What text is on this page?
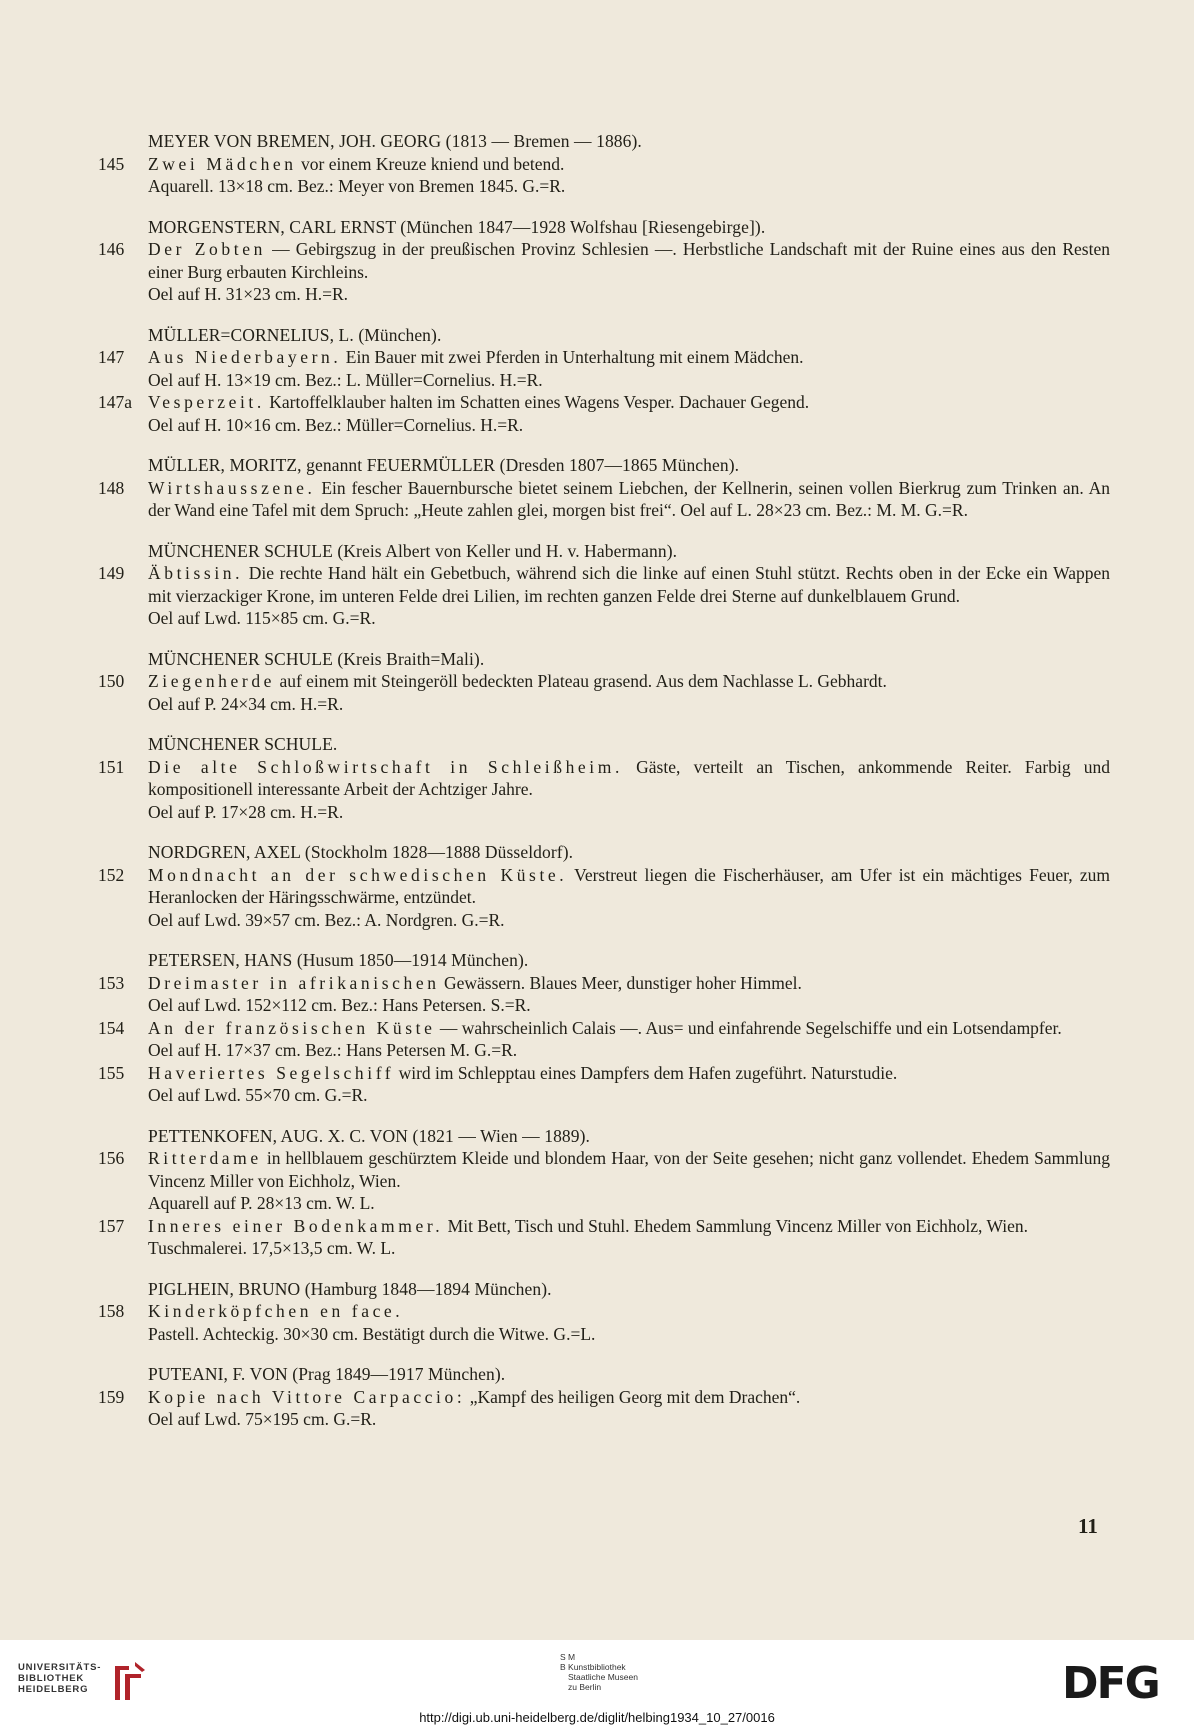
MEYER VON BREMEN, JOH. GEORG (1813 — Bremen — 1886).
145	Zwei Mädchen vor einem Kreuze kniend und betend.
Aquarell. 13×18 cm. Bez.: Meyer von Bremen 1845. G.=R.
MORGENSTERN, CARL ERNST (München 1847—1928 Wolfshau [Riesengebirge]).
146	Der Zobten — Gebirgszug in der preußischen Provinz Schlesien —. Herbstliche Landschaft mit der Ruine eines aus den Resten einer Burg erbauten Kirchleins.
Oel auf H. 31×23 cm. H.=R.
MÜLLER=CORNELIUS, L. (München).
147	Aus Niederbayern. Ein Bauer mit zwei Pferden in Unterhaltung mit einem Mädchen.
Oel auf H. 13×19 cm. Bez.: L. Müller=Cornelius. H.=R.
147a Vesperzeit. Kartoffelklauber halten im Schatten eines Wagens Vesper. Dachauer Gegend.
Oel auf H. 10×16 cm. Bez.: Müller=Cornelius. H.=R.
MÜLLER, MORITZ, genannt FEUERMÜLLER (Dresden 1807—1865 München).
148	Wirtshausszene. Ein fescher Bauernbursche bietet seinem Liebchen, der Kellnerin, seinen vollen Bierkrug zum Trinken an. An der Wand eine Tafel mit dem Spruch: „Heute zahlen glei, morgen bist frei“. Oel auf L. 28×23 cm. Bez.: M. M. G.=R.
MÜNCHENER SCHULE (Kreis Albert von Keller und H. v. Habermann).
149	Äbtissin. Die rechte Hand hält ein Gebetbuch, während sich die linke auf einen Stuhl stützt. Rechts oben in der Ecke ein Wappen mit vierzackiger Krone, im unteren Felde drei Lilien, im rechten ganzen Felde drei Sterne auf dunkelblauem Grund.
Oel auf Lwd. 115×85 cm. G.=R.
MÜNCHENER SCHULE (Kreis Braith=Mali).
150	Ziegenherde auf einem mit Steingeröll bedeckten Plateau grasend. Aus dem Nachlasse L. Gebhardt.
Oel auf P. 24×34 cm. H.=R.
MÜNCHENER SCHULE.
151	Die alte Schloßwirtschaft in Schleißheim. Gäste, verteilt an Tischen, ankommende Reiter. Farbig und kompositionell interessante Arbeit der Achtziger Jahre.
Oel auf P. 17×28 cm. H.=R.
NORDGREN, AXEL (Stockholm 1828—1888 Düsseldorf).
152	Mondnacht an der schwedischen Küste. Verstreut liegen die Fischerhäuser, am Ufer ist ein mächtiges Feuer, zum Heranlocken der Häringsschwärme, entzündet.
Oel auf Lwd. 39×57 cm. Bez.: A. Nordgren. G.=R.
PETERSEN, HANS (Husum 1850—1914 München).
153	Dreimaster in afrikanischen Gewässern. Blaues Meer, dunstiger hoher Himmel.
Oel auf Lwd. 152×112 cm. Bez.: Hans Petersen. S.=R.
154	An der französischen Küste — wahrscheinlich Calais —. Aus= und einfahrende Segelschiffe und ein Lotsendampfer.
Oel auf H. 17×37 cm. Bez.: Hans Petersen M. G.=R.
155	Haveriertes Segelschiff wird im Schlepptau eines Dampfers dem Hafen zugeführt. Naturstudie.
Oel auf Lwd. 55×70 cm. G.=R.
PETTENKOFEN, AUG. X. C. VON (1821 — Wien — 1889).
156	Ritterdame in hellblauem geschürztem Kleide und blondem Haar, von der Seite gesehen; nicht ganz vollendet. Ehedem Sammlung Vincenz Miller von Eichholz, Wien.
Aquarell auf P. 28×13 cm. W. L.
157	Inneres einer Bodenkammer. Mit Bett, Tisch und Stuhl. Ehedem Sammlung Vincenz Miller von Eichholz, Wien.
Tuschmalerei. 17,5×13,5 cm. W. L.
PIGLHEIN, BRUNO (Hamburg 1848—1894 München).
158	Kinderköpfchen en face.
Pastell. Achteckig. 30×30 cm. Bestätigt durch die Witwe. G.=L.
PUTEANI, F. VON (Prag 1849—1917 München).
159	Kopie nach Vittore Carpaccio: „Kampf des heiligen Georg mit dem Drachen“.
Oel auf Lwd. 75×195 cm. G.=R.
11
UNIVERSITÄTS-
BIBLIOTHEK
HEIDELBERG
S M
B Kunstbibliothek
Staatliche Museen
zu Berlin	DFG
http://digi.ub.uni-heidelberg.de/diglit/helbing1934_10_27/0016
